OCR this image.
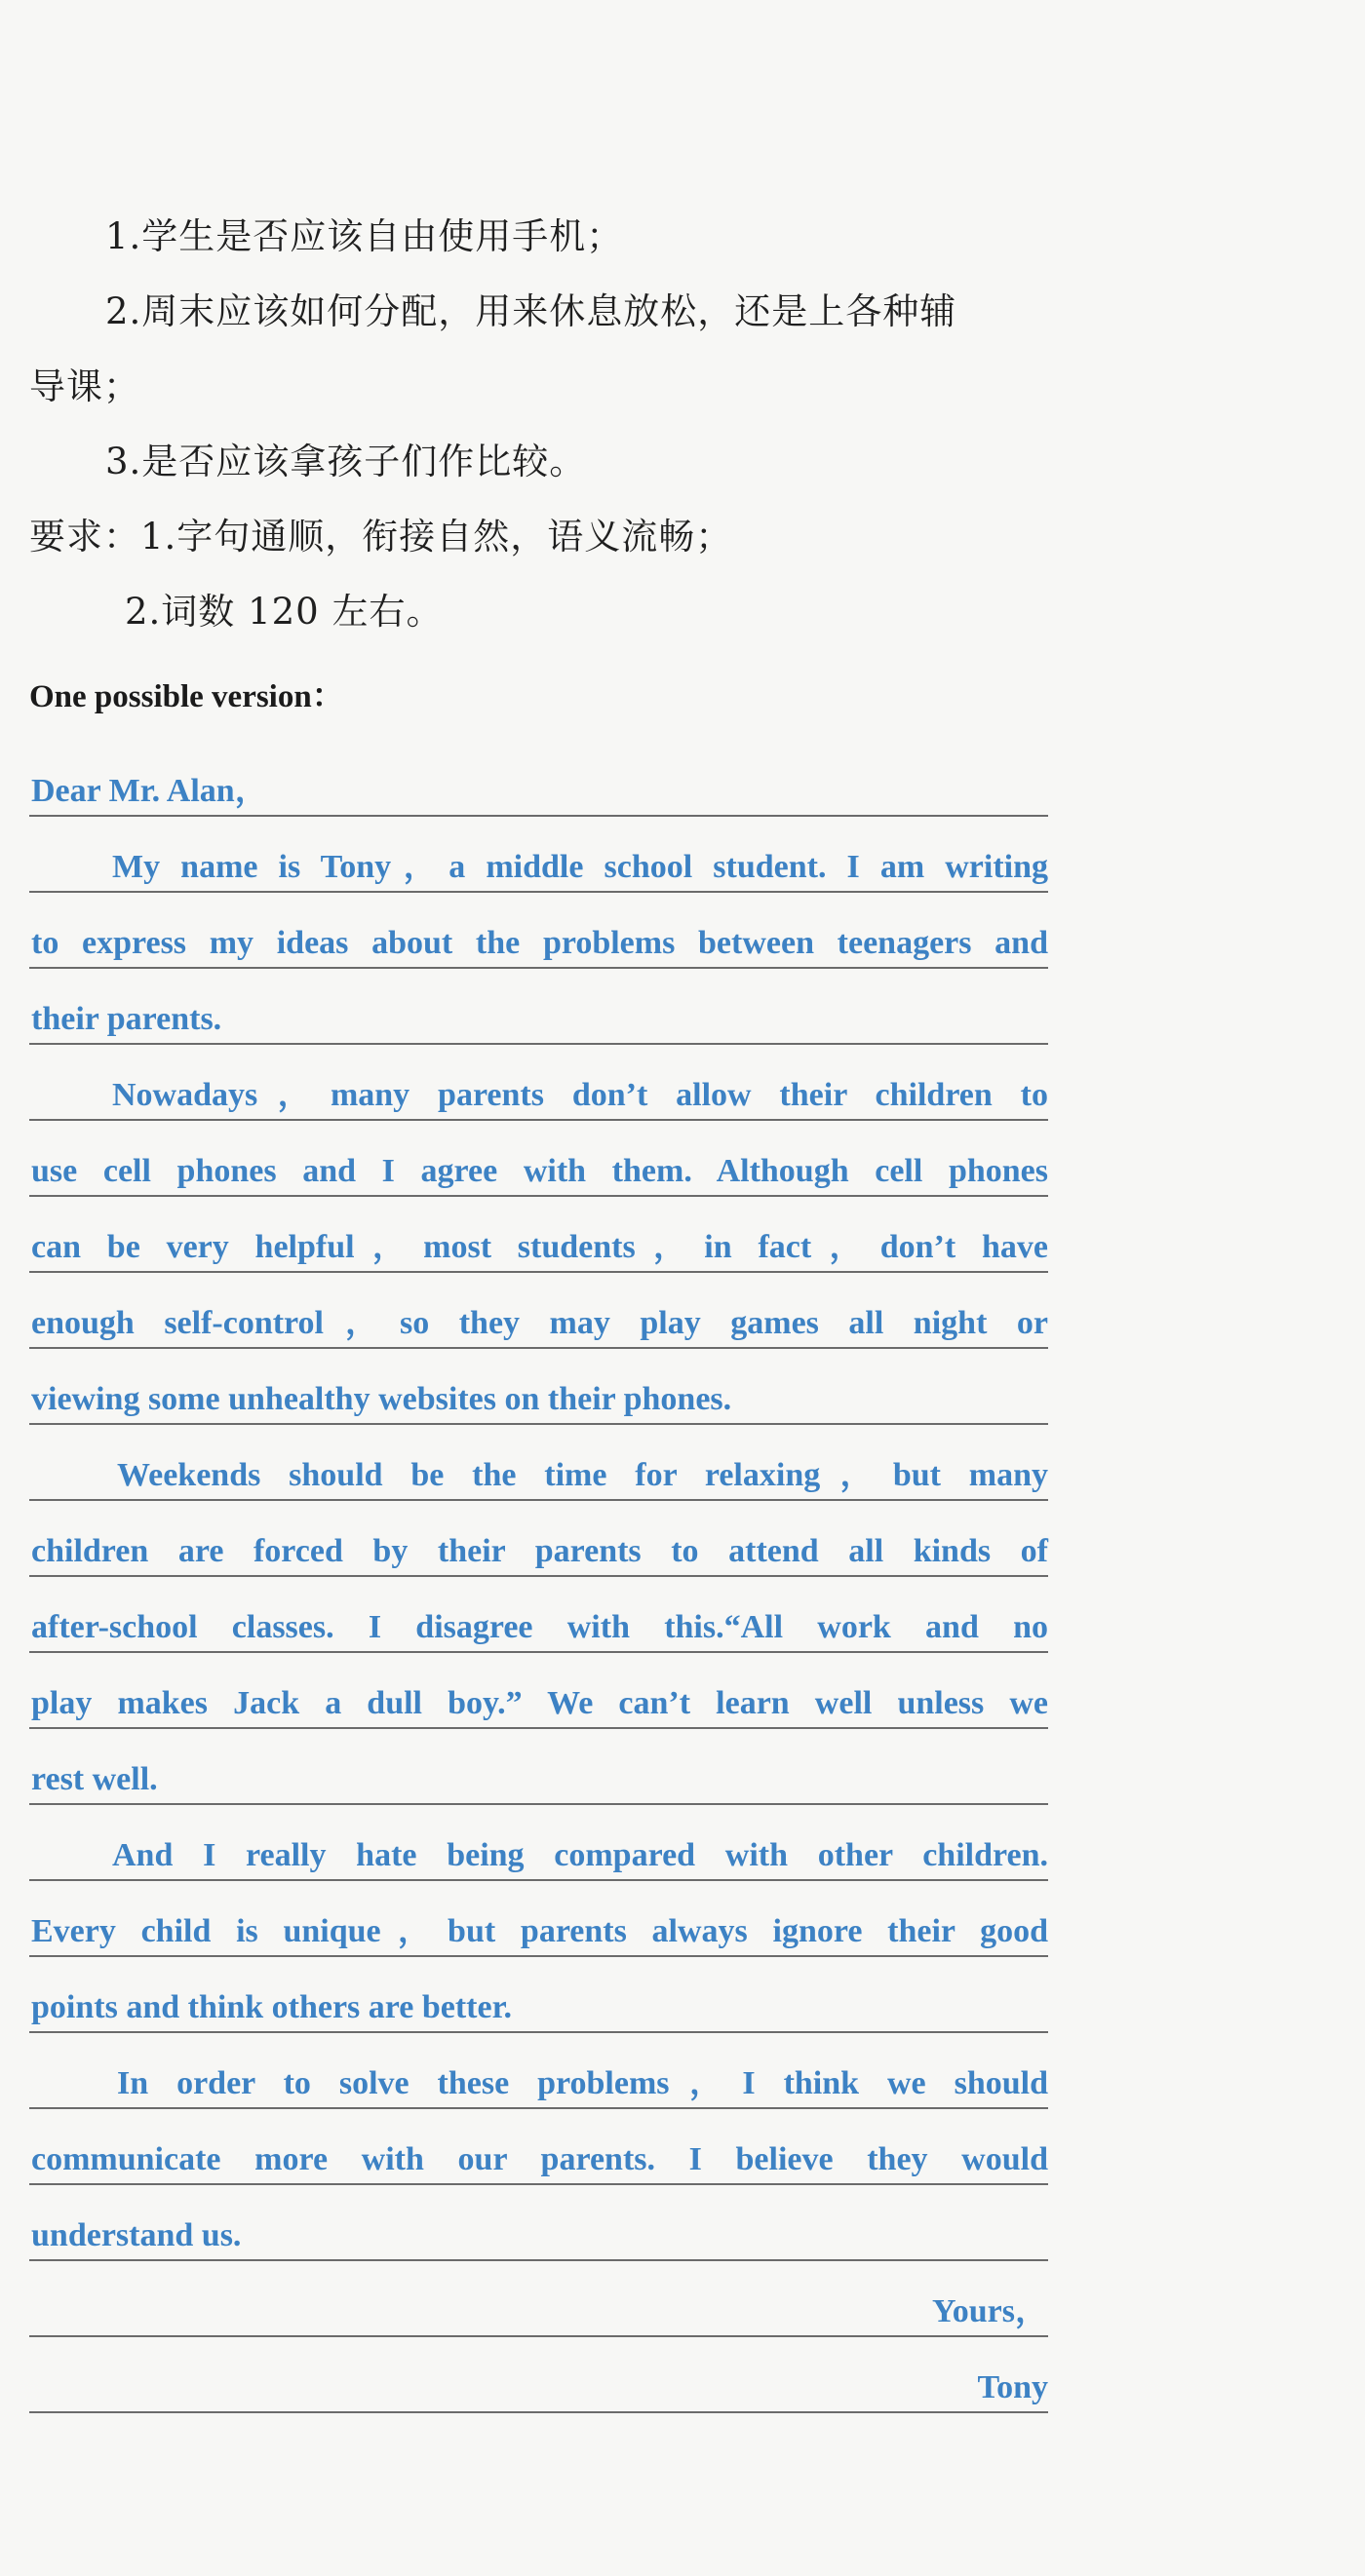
1.学生是否应该自由使用手机；
2.周末应该如何分配，用来休息放松，还是上各种辅
导课；
3.是否应该拿孩子们作比较。
要求：1.字句通顺，衔接自然，语义流畅；
2.词数 120 左右。
One possible version：
Dear Mr. Alan，
My name is Tony，a middle school student. I am writing
to express my ideas about the problems between teenagers and
their parents.
Nowadays，many parents don’t allow their children to
use cell phones and I agree with them. Although cell phones
can be very helpful，most students，in fact，don’t have
enough self-control，so they may play games all night or
viewing some unhealthy websites on their phones.
Weekends should be the time for relaxing，but many
children are forced by their parents to attend all kinds of
after-school classes. I disagree with this.“All work and no
play makes Jack a dull boy.” We can’t learn well unless we
rest well.
And I really hate being compared with other children.
Every child is unique，but parents always ignore their good
points and think others are better.
In order to solve these problems，I think we should
communicate more with our parents. I believe they would
understand us.
Yours，
Tony
